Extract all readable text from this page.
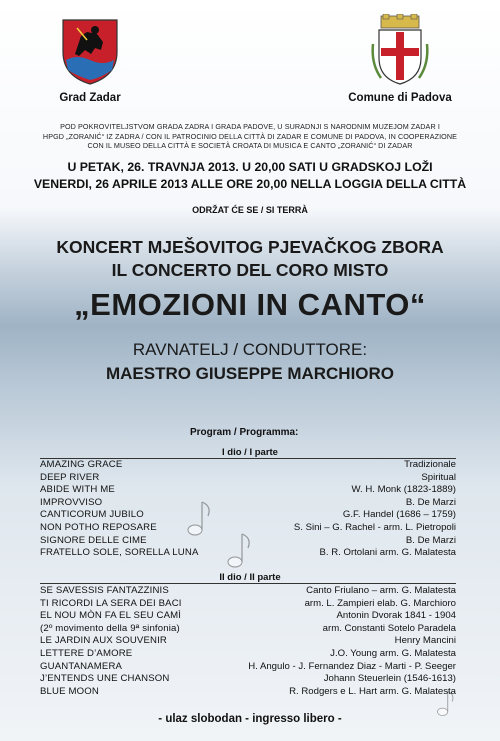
Grad Zadar	Comune di Padova
POD POKROVITELJSTVOM GRADA ZADRA I GRADA PADOVE, U SURADNJI S NARODNIM MUZEJOM ZADAR I
HPGD „ZORANIĆ“ IZ ZADRA / CON IL PATROCINIO DELLA CITTÀ DI ZADAR E COMUNE DI PADOVA, IN COOPERAZIONE
CON IL MUSEO DELLA CITTÀ E SOCIETÀ CROATA DI MUSICA E CANTO „ZORANIĆ“ DI ZADAR
U PETAK, 26. TRAVNJA 2013. U 20,00 SATI U GRADSKOJ LOŽI
VENERDI, 26 APRILE 2013 ALLE ORE 20,00 NELLA LOGGIA DELLA CITTÀ
ODRŽAT ĆE SE / SI TERRÀ
KONCERT MJEŠOVITOG PJEVAČKOG ZBORA
IL CONCERTO DEL CORO MISTO
„EMOZIONI IN CANTO“
RAVNATELJ / CONDUTTORE:
MAESTRO GIUSEPPE MARCHIORO
Program / Programma:
I dio / I parte
AMAZING GRACE	Tradizionale
DEEP RIVER	Spiritual
ABIDE WITH ME	W. H. Monk (1823-1889)
IMPROVVISO	B. De Marzi
CANTICORUM JUBILO	G.F. Handel (1686 – 1759)
NON POTHO REPOSARE	S. Sini – G. Rachel - arm. L. Pietropoli
SIGNORE DELLE CIME	B. De Marzi
FRATELLO SOLE, SORELLA LUNA	B. R. Ortolani arm. G. Malatesta
II dio / II parte
SE SAVESSIS FANTAZZINIS	Canto Friulano – arm. G. Malatesta
TI RICORDI LA SERA DEI BACI	arm. L. Zampieri elab. G. Marchioro
EL NOU MÒN FA EL SEU CAMÌ	Antonin Dvorak 1841 - 1904
(2º movimento della 9ª sinfonia)	arm. Constanti Sotelo Paradela
LE JARDIN AUX SOUVENIR	Henry Mancini
LETTERE D’AMORE	J.O. Young arm. G. Malatesta
GUANTANAMERA	H. Angulo - J. Fernandez Diaz - Marti - P. Seeger
J’ENTENDS UNE CHANSON	Johann Steuerlein (1546-1613)
BLUE MOON	R. Rodgers e L. Hart arm. G. Malatesta
- ulaz slobodan - ingresso libero -
